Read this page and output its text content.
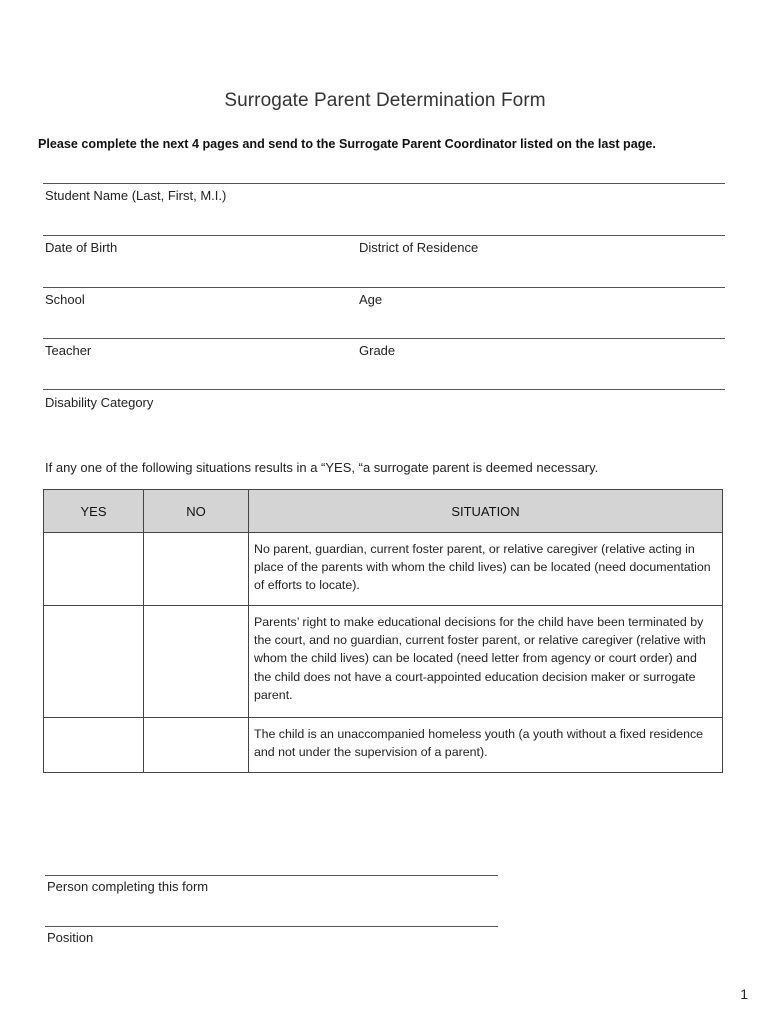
Surrogate Parent Determination Form
Please complete the next 4 pages and send to the Surrogate Parent Coordinator listed on the last page.
Student Name (Last, First, M.I.)
Date of Birth	District of Residence
School	Age
Teacher	Grade
Disability Category
If any one of the following situations results in a “YES, “a surrogate parent is deemed necessary.
YES	NO	SITUATION
		No parent, guardian, current foster parent, or relative caregiver (relative acting in place of the parents with whom the child lives) can be located (need documentation of efforts to locate).
		Parents’ right to make educational decisions for the child have been terminated by the court, and no guardian, current foster parent, or relative caregiver (relative with whom the child lives) can be located (need letter from agency or court order) and the child does not have a court-appointed education decision maker or surrogate parent.
		The child is an unaccompanied homeless youth (a youth without a fixed residence and not under the supervision of a parent).
Person completing this form
Position
1
